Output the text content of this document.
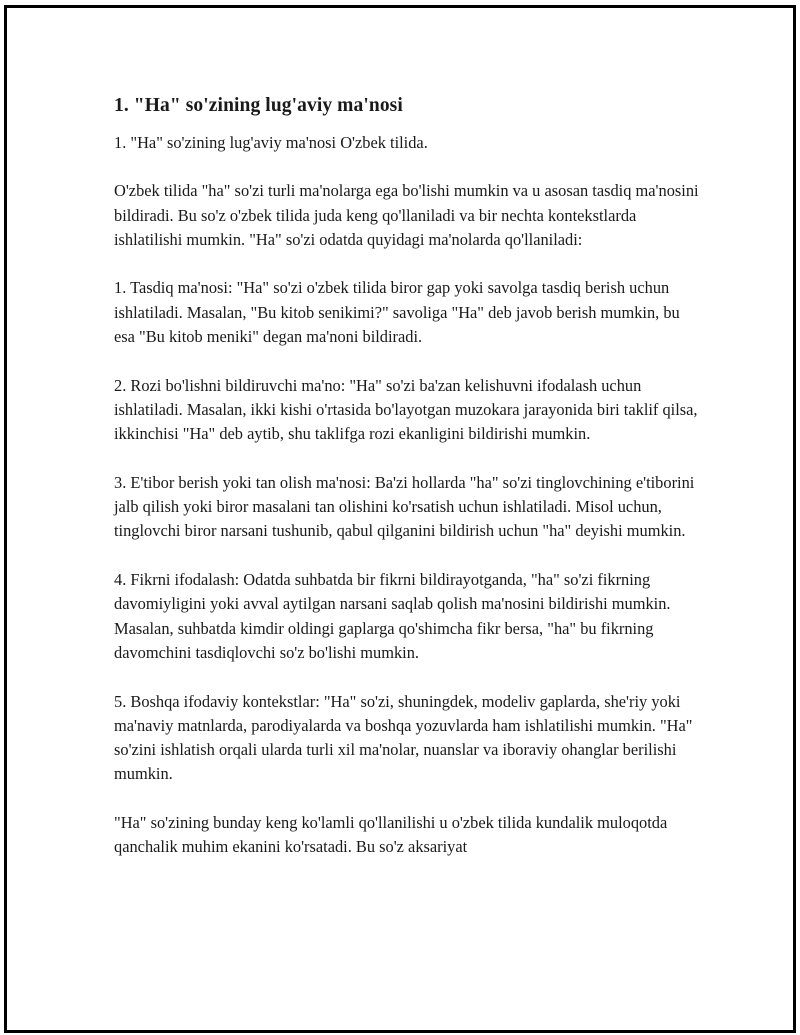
1. "Ha" so'zining lug'aviy ma'nosi

1. "Ha" so'zining lug'aviy ma'nosi O'zbek tilida.

O'zbek tilida "ha" so'zi turli ma'nolarga ega bo'lishi mumkin va u asosan tasdiq ma'nosini bildiradi. Bu so'z o'zbek tilida juda keng qo'llaniladi va bir nechta kontekstlarda ishlatilishi mumkin. "Ha" so'zi odatda quyidagi ma'nolarda qo'llaniladi:

1. Tasdiq ma'nosi: "Ha" so'zi o'zbek tilida biror gap yoki savolga tasdiq berish uchun ishlatiladi. Masalan, "Bu kitob senikimi?" savoliga "Ha" deb javob berish mumkin, bu esa "Bu kitob meniki" degan ma'noni bildiradi.

2. Rozi bo'lishni bildiruvchi ma'no: "Ha" so'zi ba'zan kelishuvni ifodalash uchun ishlatiladi. Masalan, ikki kishi o'rtasida bo'layotgan muzokara jarayonida biri taklif qilsa, ikkinchisi "Ha" deb aytib, shu taklifga rozi ekanligini bildirishi mumkin.

3. E'tibor berish yoki tan olish ma'nosi: Ba'zi hollarda "ha" so'zi tinglovchining e'tiborini jalb qilish yoki biror masalani tan olishini ko'rsatish uchun ishlatiladi. Misol uchun, tinglovchi biror narsani tushunib, qabul qilganini bildirish uchun "ha" deyishi mumkin.

4. Fikrni ifodalash: Odatda suhbatda bir fikrni bildirayotganda, "ha" so'zi fikrning davomiyligini yoki avval aytilgan narsani saqlab qolish ma'nosini bildirishi mumkin. Masalan, suhbatda kimdir oldingi gaplarga qo'shimcha fikr bersa, "ha" bu fikrning davomchini tasdiqlovchi so'z bo'lishi mumkin.

5. Boshqa ifodaviy kontekstlar: "Ha" so'zi, shuningdek, modeliv gaplarda, she'riy yoki ma'naviy matnlarda, parodiyalarda va boshqa yozuvlarda ham ishlatilishi mumkin. "Ha" so'zini ishlatish orqali ularda turli xil ma'nolar, nuanslar va iboraviy ohanglar berilishi mumkin.

"Ha" so'zining bunday keng ko'lamli qo'llanilishi u o'zbek tilida kundalik muloqotda qanchalik muhim ekanini ko'rsatadi. Bu so'z aksariyat
